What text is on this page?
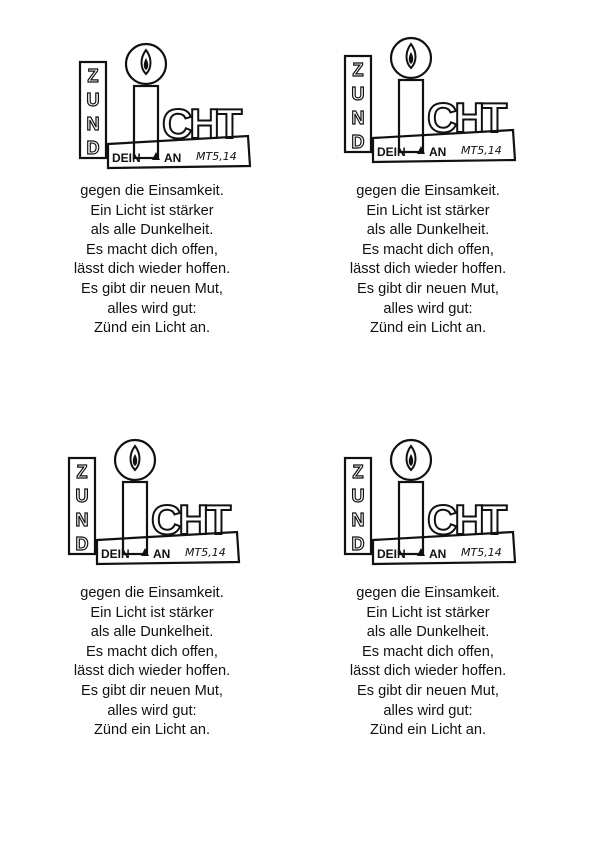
Z
U
N
D
CHT
DEIN AN MT5,14
gegen die Einsamkeit.
Ein Licht ist stärker
als alle Dunkelheit.
Es macht dich offen,
lässt dich wieder hoffen.
Es gibt dir neuen Mut,
alles wird gut:
Zünd ein Licht an.
Z
U
N
D
CHT
DEIN AN MT5,14
gegen die Einsamkeit.
Ein Licht ist stärker
als alle Dunkelheit.
Es macht dich offen,
lässt dich wieder hoffen.
Es gibt dir neuen Mut,
alles wird gut:
Zünd ein Licht an.
Z
U
N
D
CHT
DEIN AN MT5,14
gegen die Einsamkeit.
Ein Licht ist stärker
als alle Dunkelheit.
Es macht dich offen,
lässt dich wieder hoffen.
Es gibt dir neuen Mut,
alles wird gut:
Zünd ein Licht an.
Z
U
N
D
CHT
DEIN AN MT5,14
gegen die Einsamkeit.
Ein Licht ist stärker
als alle Dunkelheit.
Es macht dich offen,
lässt dich wieder hoffen.
Es gibt dir neuen Mut,
alles wird gut:
Zünd ein Licht an.
